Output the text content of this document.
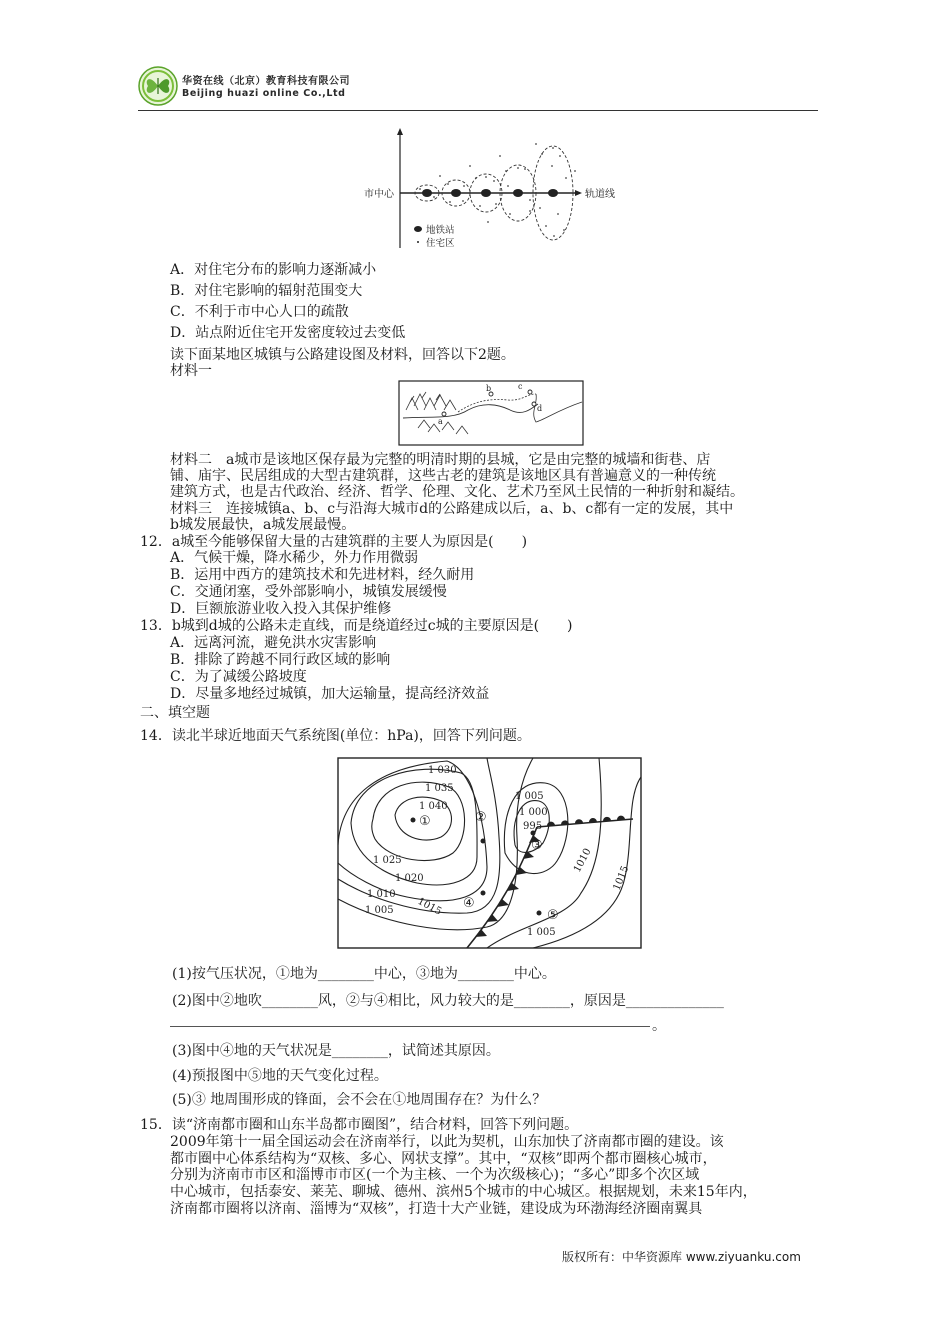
华资在线（北京）教育科技有限公司
Beijing huazi online Co.,Ltd
市中心	轨道线
地铁站
住宅区
A．对住宅分布的影响力逐渐减小
B．对住宅影响的辐射范围变大
C．不利于市中心人口的疏散
D．站点附近住宅开发密度较过去变低
读下面某地区城镇与公路建设图及材料，回答以下2题。
材料一
a
b	c
d
材料二　a城市是该地区保存最为完整的明清时期的县城，它是由完整的城墙和街巷、店
铺、庙宇、民居组成的大型古建筑群，这些古老的建筑是该地区具有普遍意义的一种传统
建筑方式，也是古代政治、经济、哲学、伦理、文化、艺术乃至风土民情的一种折射和凝结。
材料三　连接城镇a、b、c与沿海大城市d的公路建成以后，a、b、c都有一定的发展，其中
b城发展最快，a城发展最慢。
12．a城至今能够保留大量的古建筑群的主要人为原因是(　　)
A．气候干燥，降水稀少，外力作用微弱
B．运用中西方的建筑技术和先进材料，经久耐用
C．交通闭塞，受外部影响小，城镇发展缓慢
D．巨额旅游业收入投入其保护维修
13．b城到d城的公路未走直线，而是绕道经过c城的主要原因是(　　)
A．远离河流，避免洪水灾害影响
B．排除了跨越不同行政区域的影响
C．为了减缓公路坡度
D．尽量多地经过城镇，加大运输量，提高经济效益
二、填空题
14．读北半球近地面天气系统图(单位：hPa)，回答下列问题。
1 030
1 035
1 040
1 025
1 020
1015
1 010
1 005
1 005
1 000
995
1010
1015
1 005
①	②
③
④
⑤
(1)按气压状况，①地为________中心，③地为________中心。
(2)图中②地吹________风，②与④相比，风力较大的是________，原因是______________
。
(3)图中④地的天气状况是________，试简述其原因。
(4)预报图中⑤地的天气变化过程。
(5)③ 地周围形成的锋面，会不会在①地周围存在？为什么？
15．读“济南都市圈和山东半岛都市圈图”，结合材料，回答下列问题。
2009年第十一届全国运动会在济南举行，以此为契机，山东加快了济南都市圈的建设。该
都市圈中心体系结构为“双核、多心、网状支撑”。其中，“双核”即两个都市圈核心城市，
分别为济南市市区和淄博市市区(一个为主核、一个为次级核心)；“多心”即多个次区域
中心城市，包括泰安、莱芜、聊城、德州、滨州5个城市的中心城区。根据规划，未来15年内，
济南都市圈将以济南、淄博为“双核”，打造十大产业链，建设成为环渤海经济圈南翼具
版权所有：中华资源库 www.ziyuanku.com
